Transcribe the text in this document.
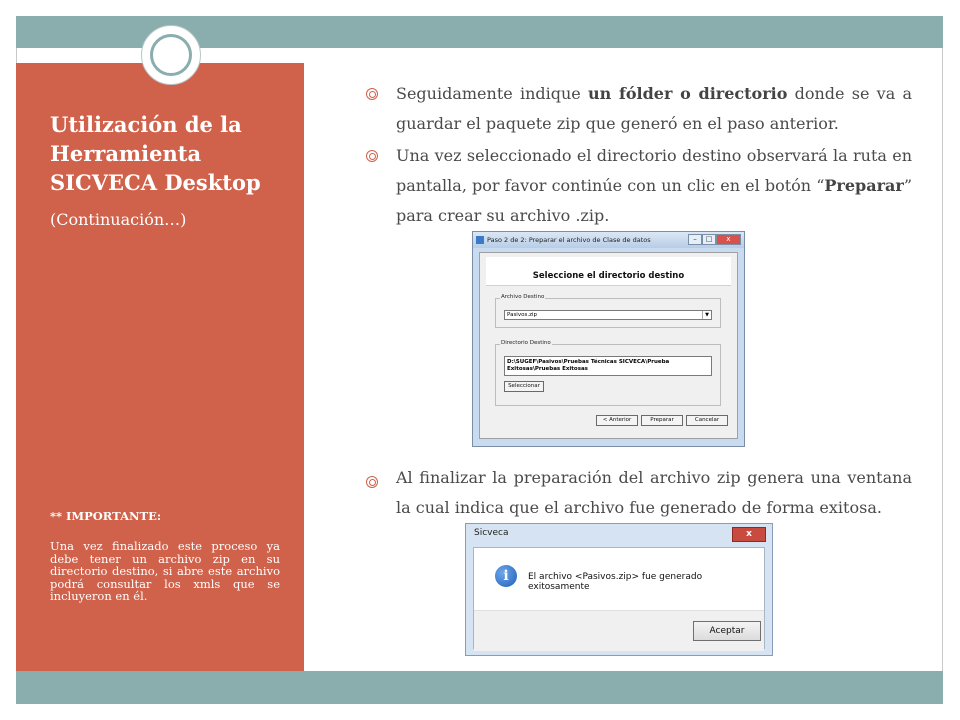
Utilización de la Herramienta SICVECA Desktop
(Continuación…)
** IMPORTANTE:
Una vez finalizado este proceso ya debe tener un archivo zip en su directorio destino, si abre este archivo podrá consultar los xmls que se incluyeron en él.
Seguidamente indique un fólder o directorio donde se va a guardar el paquete zip que generó en el paso anterior.
Una vez seleccionado el directorio destino observará la ruta en pantalla, por favor continúe con un clic en el botón “Preparar” para crear su archivo .zip.
Paso 2 de 2: Preparar el archivo de Clase de datos	–	□	x
Seleccione el directorio destino
Archivo Destino
Pasivos.zip	▼
Directorio Destino
D:\SUGEF\Pasivos\Pruebas Técnicas SICVECA\Prueba Exitosas\Pruebas Exitosas
Seleccionar
< Anterior	Preparar	Cancelar
Al finalizar la preparación del archivo zip genera una ventana la cual indica que el archivo fue generado de forma exitosa.
Sicveca	x
i	El archivo <Pasivos.zip> fue generado exitosamente
Aceptar
